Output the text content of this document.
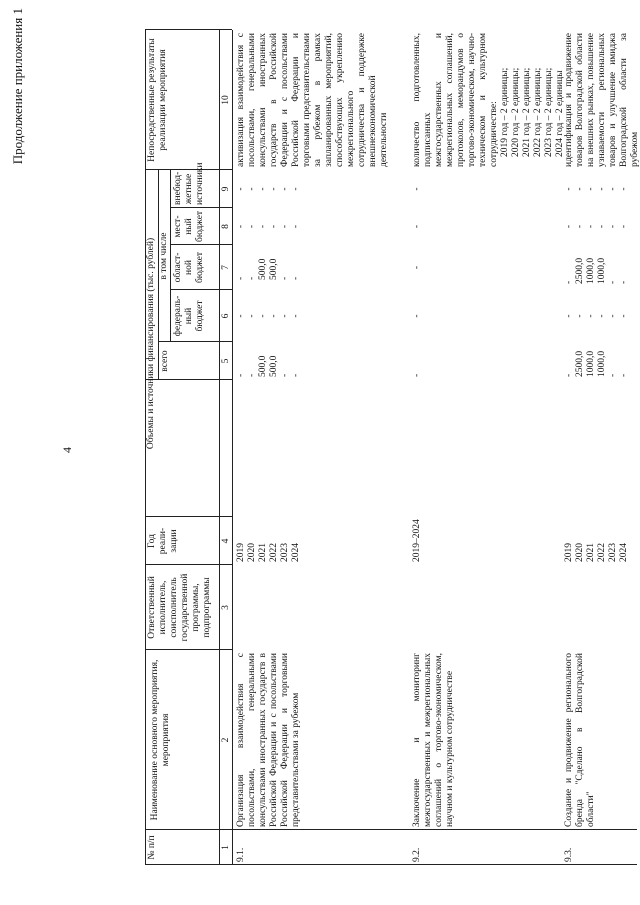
4
Продолжение приложения 1
№ п/п
Наименование основного мероприятия, мероприятия
Ответственный исполнитель, соисполнитель государственной программы, подпрограммы
Год реали-зации
Объемы и источники финансирования (тыс. рублей) всего
в том числе
федераль-ный бюджет
област-ной бюджет
мест-ный бюджет
внебюд-жетные источники
Непосредственные результаты реализации мероприятия
1
2
3
4
5
6
7
8
9
10
9.1.
Организация взаимодействия с посольствами, генеральными консульствами иностранных государств в Российской Федерации и с посольствами Российской Федерации и торговыми представительствами за рубежом
2019 2020 2021 2022 2023 2024
- - 500,0 500,0 - -
- - - - - -
- - 500,0 500,0 - -
- - - - - -
- - - - - -
активизация взаимодействия с посольствами, генеральными консульствами иностранных государств в Российской Федерации и с посольствами Российской Федерации и торговыми представительствами за рубежом в рамках запланированных мероприятий, способствующих укреплению межрегионального сотрудничества и поддержке внешнеэкономической деятельности
9.2.
Заключение и мониторинг межгосударственных и межрегиональных соглашений о торгово-экономическом, научном и культурном сотрудничестве
2019–2024
-
-
-
-
-
количество подготовленных, подписанных межгосударственных и межрегиональных соглашений, протоколов, меморандумов о торгово-экономическом, научно-техническом и культурном сотрудничестве: 2019 год – 2 единицы; 2020 год – 2 единицы; 2021 год – 2 единицы; 2022 год – 2 единицы; 2023 год – 2 единицы; 2024 год – 2 единицы
9.3.
Создание и продвижение регионального бренда "Сделано в Волгоградской области"
2019 2020 2021 2022 2023 2024
- 2500,0 1000,0 1000,0 - -
- - - - - -
- 2500,0 1000,0 1000,0 - -
- - - - - -
- - - - - -
идентификация и продвижение товаров Волгоградской области на внешних рынках, повышение узнаваемости региональных товаров и улучшение имиджа Волгоградской области за рубежом
